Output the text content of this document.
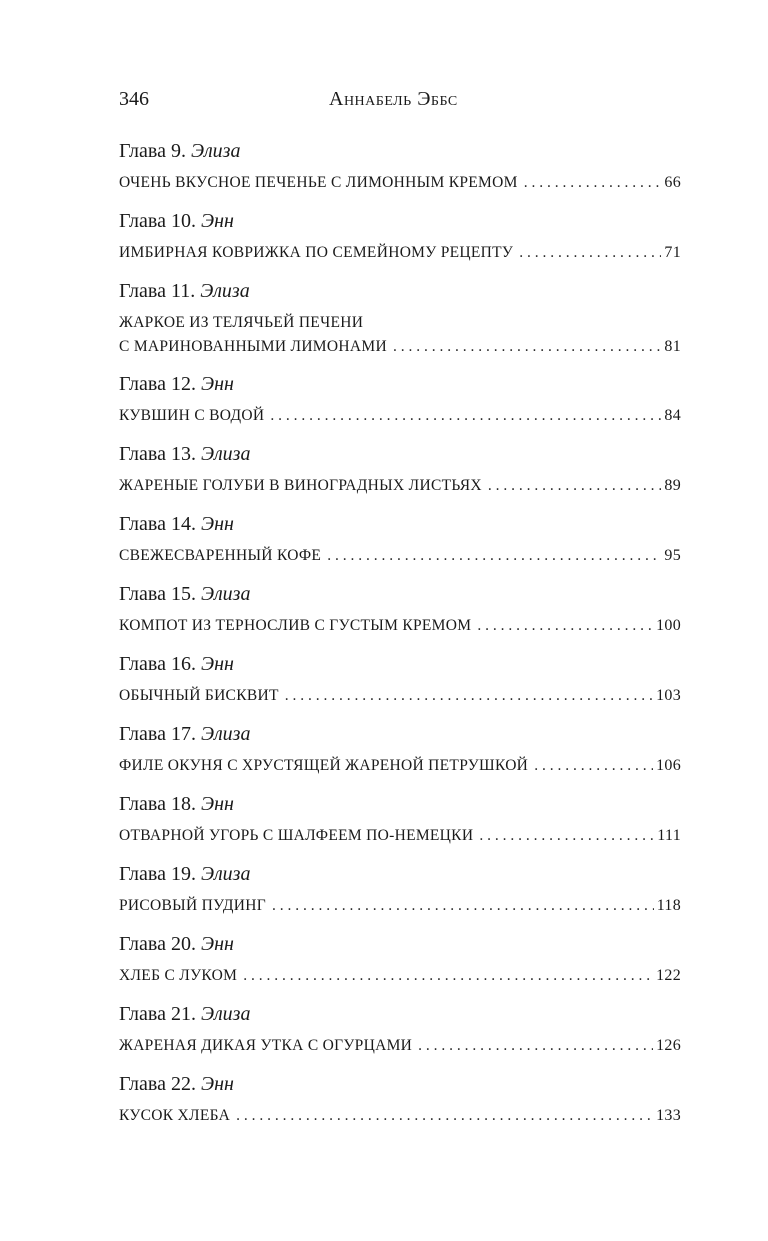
346	Аннабель Эббс
Глава 9. Элиза
ОЧЕНЬ ВКУСНОЕ ПЕЧЕНЬЕ С ЛИМОННЫМ КРЕМОМ . . .	66
Глава 10. Энн
ИМБИРНАЯ КОВРИЖКА ПО СЕМЕЙНОМУ РЕЦЕПТУ . . .	71
Глава 11. Элиза
ЖАРКОЕ ИЗ ТЕЛЯЧЬЕЙ ПЕЧЕНИ
С МАРИНОВАННЫМИ ЛИМОНАМИ . . .	81
Глава 12. Энн
КУВШИН С ВОДОЙ . . .	84
Глава 13. Элиза
ЖАРЕНЫЕ ГОЛУБИ В ВИНОГРАДНЫХ ЛИСТЬЯХ . . .	89
Глава 14. Энн
СВЕЖЕСВАРЕННЫЙ КОФЕ . . .	95
Глава 15. Элиза
КОМПОТ ИЗ ТЕРНОСЛИВ С ГУСТЫМ КРЕМОМ . . .	100
Глава 16. Энн
ОБЫЧНЫЙ БИСКВИТ . . .	103
Глава 17. Элиза
ФИЛЕ ОКУНЯ С ХРУСТЯЩЕЙ ЖАРЕНОЙ ПЕТРУШКОЙ . . .	106
Глава 18. Энн
ОТВАРНОЙ УГОРЬ С ШАЛФЕЕМ ПО-НЕМЕЦКИ . . .	111
Глава 19. Элиза
РИСОВЫЙ ПУДИНГ . . .	118
Глава 20. Энн
ХЛЕБ С ЛУКОМ . . .	122
Глава 21. Элиза
ЖАРЕНАЯ ДИКАЯ УТКА С ОГУРЦАМИ . . .	126
Глава 22. Энн
КУСОК ХЛЕБА . . .	133
